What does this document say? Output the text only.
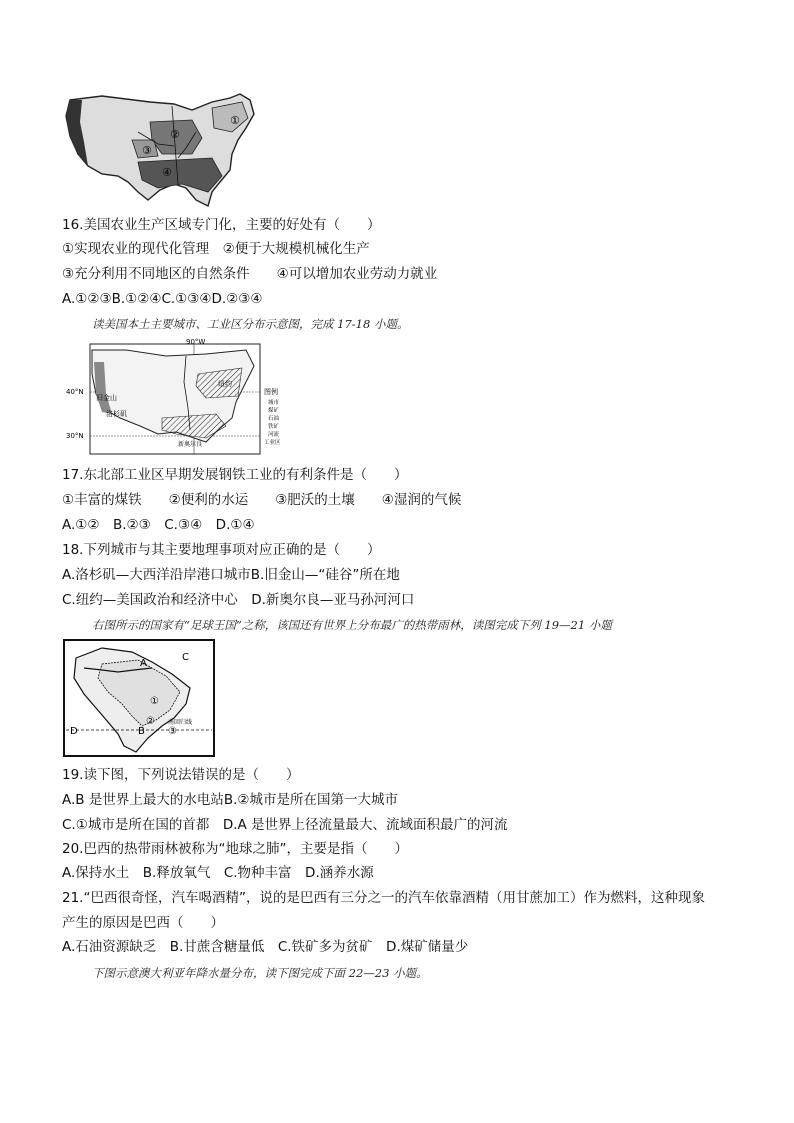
①
②
③
④
16.美国农业生产区域专门化，主要的好处有（　　）
①实现农业的现代化管理　②便于大规模机械化生产
③充分利用不同地区的自然条件　　④可以增加农业劳动力就业
A.①②③B.①②④C.①③④D.②③④
读美国本土主要城市、工业区分布示意图，完成 17-18 小题。
90°W
40°N
30°N
旧金山
洛杉矶
纽约
新奥尔良
图例
城市
煤矿
石油
铁矿
河流
工业区
17.东北部工业区早期发展钢铁工业的有利条件是（　　）
①丰富的煤铁　　②便利的水运　　③肥沃的土壤　　④湿润的气候
A.①②　B.②③　C.③④　D.①④
18.下列城市与其主要地理事项对应正确的是（　　）
A.洛杉矶—大西洋沿岸港口城市B.旧金山—“硅谷”所在地
C.纽约—美国政治和经济中心　D.新奥尔良—亚马孙河河口
右图所示的国家有“足球王国”之称，该国还有世界上分布最广的热带雨林，读图完成下列 19—21 小题
A
B
C
D
①
②
③
南回归线
19.读下图，下列说法错误的是（　　）
A.B 是世界上最大的水电站B.②城市是所在国第一大城市
C.①城市是所在国的首都　D.A 是世界上径流量最大、流域面积最广的河流
20.巴西的热带雨林被称为“地球之肺”，主要是指（　　）
A.保持水土　B.释放氧气　C.物种丰富　D.涵养水源
21.“巴西很奇怪，汽车喝酒精”，说的是巴西有三分之一的汽车依靠酒精（用甘蔗加工）作为燃料，这种现象
产生的原因是巴西（　　）
A.石油资源缺乏　B.甘蔗含糖量低　C.铁矿多为贫矿　D.煤矿储量少
下图示意澳大利亚年降水量分布，读下图完成下面 22—23 小题。
